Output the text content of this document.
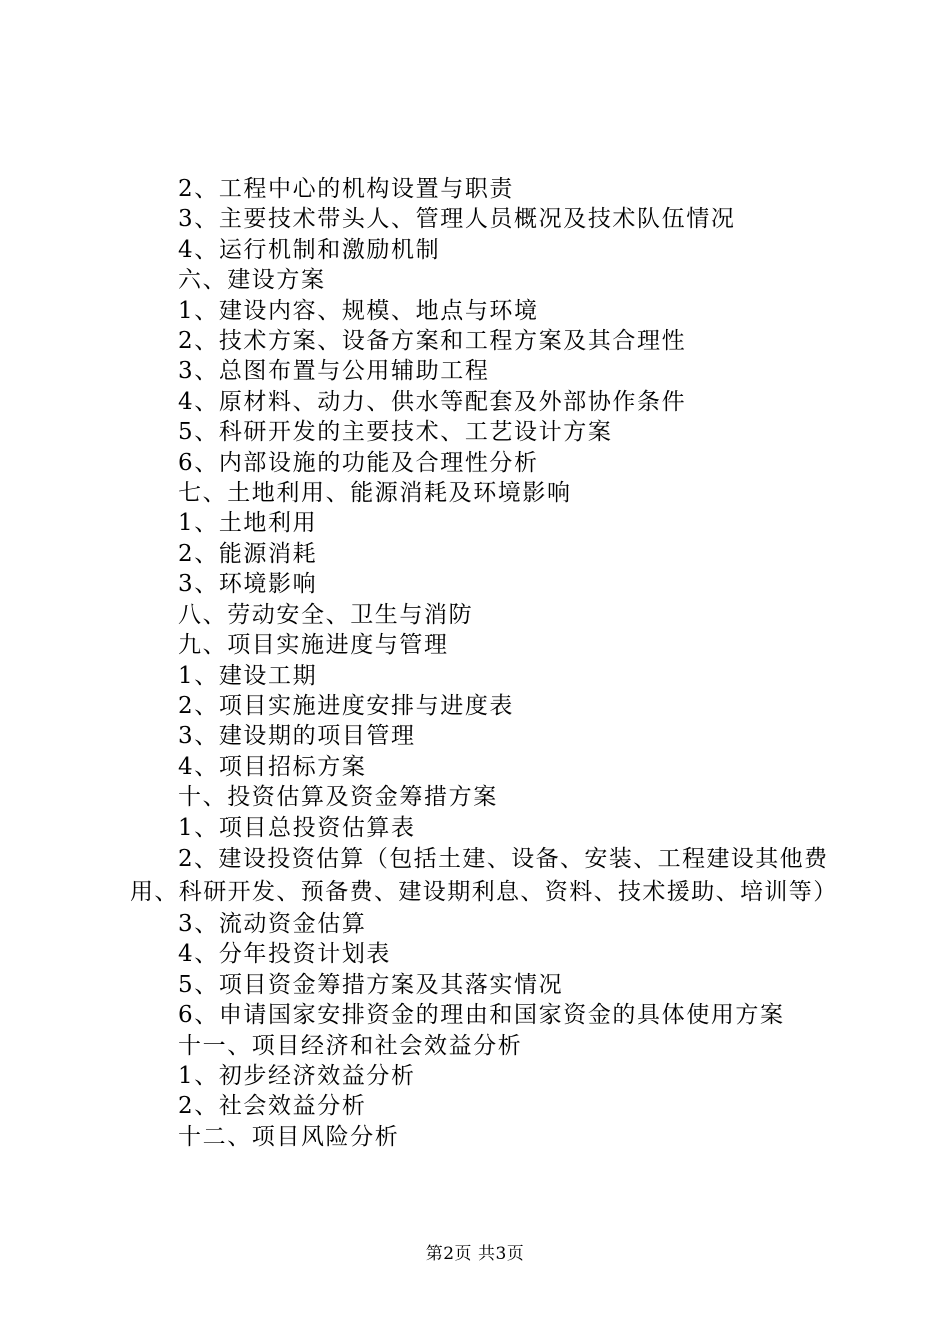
2、工程中心的机构设置与职责
3、主要技术带头人、管理人员概况及技术队伍情况
4、运行机制和激励机制
六、建设方案
1、建设内容、规模、地点与环境
2、技术方案、设备方案和工程方案及其合理性
3、总图布置与公用辅助工程
4、原材料、动力、供水等配套及外部协作条件
5、科研开发的主要技术、工艺设计方案
6、内部设施的功能及合理性分析
七、土地利用、能源消耗及环境影响
1、土地利用
2、能源消耗
3、环境影响
八、劳动安全、卫生与消防
九、项目实施进度与管理
1、建设工期
2、项目实施进度安排与进度表
3、建设期的项目管理
4、项目招标方案
十、投资估算及资金筹措方案
1、项目总投资估算表

2、建设投资估算（包括土建、设备、安装、工程建设其他费用、科研开发、预备费、建设期利息、资料、技术援助、培训等）

3、流动资金估算
4、分年投资计划表
5、项目资金筹措方案及其落实情况
6、申请国家安排资金的理由和国家资金的具体使用方案
十一、项目经济和社会效益分析
1、初步经济效益分析
2、社会效益分析
十二、项目风险分析
第2页 共3页
